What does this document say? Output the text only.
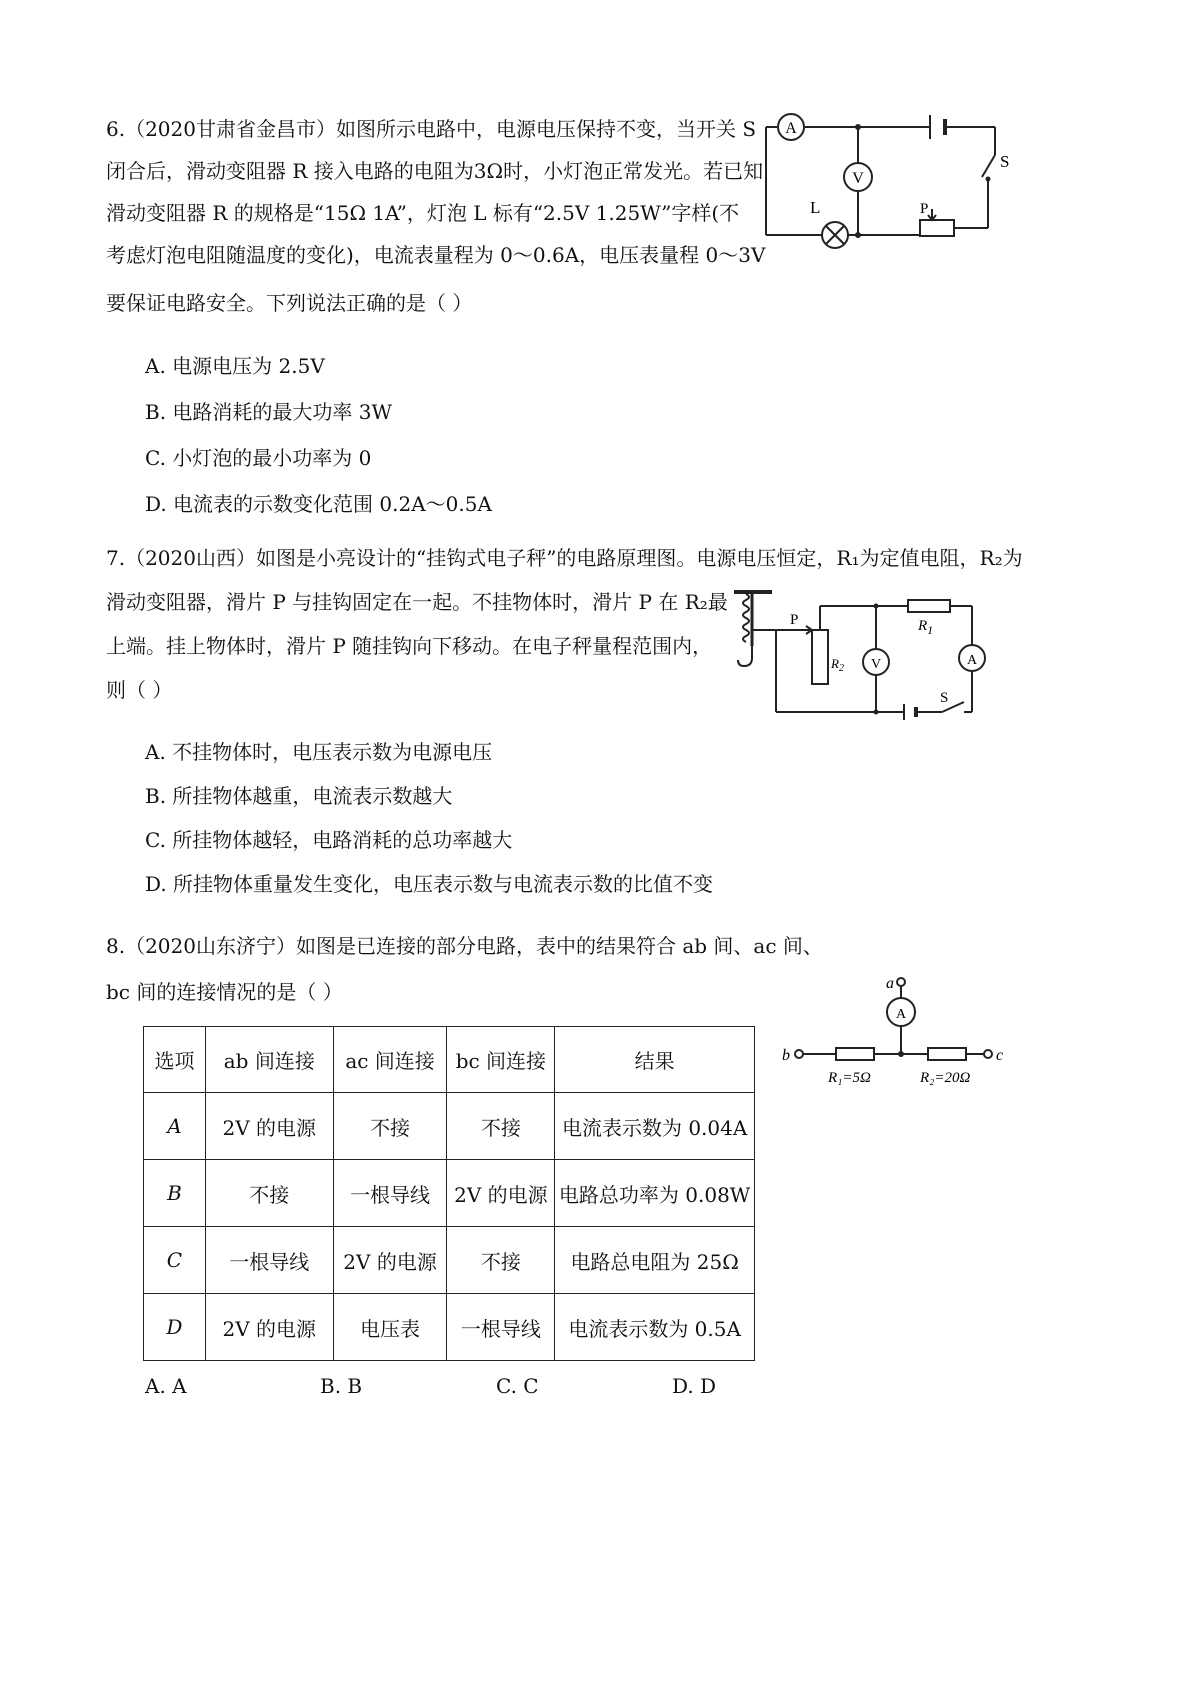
6.（2020甘肃省金昌市）如图所示电路中，电源电压保持不变，当开关 S
闭合后，滑动变阻器 R 接入电路的电阻为3Ω时，小灯泡正常发光。若已知
滑动变阻器 R 的规格是“15Ω 1A”，灯泡 L 标有“2.5V 1.25W”字样(不
考虑灯泡电阻随温度的变化)，电流表量程为 0～0.6A，电压表量程 0～3V
要保证电路安全。下列说法正确的是（ ）
A. 电源电压为 2.5V
B. 电路消耗的最大功率 3W
C. 小灯泡的最小功率为 0
D. 电流表的示数变化范围 0.2A～0.5A
A
V
S
L	P
7.（2020山西）如图是小亮设计的“挂钩式电子秤”的电路原理图。电源电压恒定，R₁为定值电阻，R₂为
滑动变阻器，滑片 P 与挂钩固定在一起。不挂物体时，滑片 P 在 R₂最
上端。挂上物体时，滑片 P 随挂钩向下移动。在电子秤量程范围内，
则（ ）
A. 不挂物体时，电压表示数为电源电压
B. 所挂物体越重，电流表示数越大
C. 所挂物体越轻，电路消耗的总功率越大
D. 所挂物体重量发生变化，电压表示数与电流表示数的比值不变
P
$R_2$
$R_1$
V	A
S
8.（2020山东济宁）如图是已连接的部分电路，表中的结果符合 ab 间、ac 间、
bc 间的连接情况的是（ ）	a
b	c
A
R₁=5Ω	R₂=20Ω
选项	ab 间连接	ac 间连接	bc 间连接	结果
A	2V 的电源	不接	不接	电流表示数为 0.04A
B	不接	一根导线	2V 的电源	电路总功率为 0.08W
C	一根导线	2V 的电源	不接	电路总电阻为 25Ω
D	2V 的电源	电压表	一根导线	电流表示数为 0.5A
A. A	B. B	C. C	D. D
